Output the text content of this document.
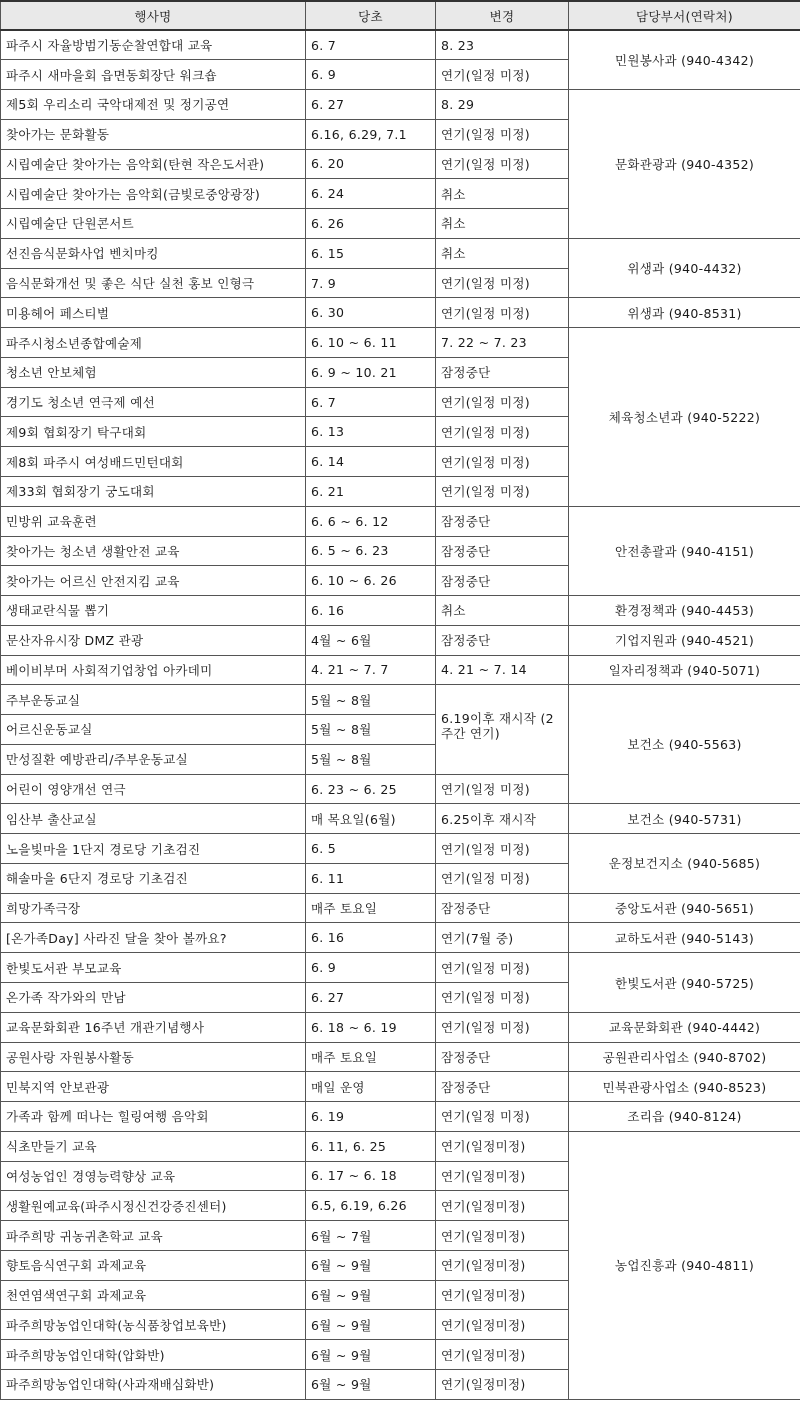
행사명	당초	변경	담당부서(연락처)
파주시 자율방범기동순찰연합대 교육	6. 7	8. 23	민원봉사과 (940-4342)
파주시 새마을회 읍면동회장단 워크숍	6. 9	연기(일정 미정)	
제5회 우리소리 국악대제전 및 정기공연	6. 27	8. 29	문화관광과 (940-4352)
찾아가는 문화활동	6.16, 6.29, 7.1	연기(일정 미정)	
시립예술단 찾아가는 음악회(탄현 작은도서관)	6. 20	연기(일정 미정)	
시립예술단 찾아가는 음악회(금빛로중앙광장)	6. 24	취소	
시립예술단 단원콘서트	6. 26	취소	
선진음식문화사업 벤치마킹	6. 15	취소	위생과 (940-4432)
음식문화개선 및 좋은 식단 실천 홍보 인형극	7. 9	연기(일정 미정)	
미용헤어 페스티벌	6. 30	연기(일정 미정)	위생과 (940-8531)
파주시청소년종합예술제	6. 10 ~ 6. 11	7. 22 ~ 7. 23	체육청소년과 (940-5222)
청소년 안보체험	6. 9 ~ 10. 21	잠정중단	
경기도 청소년 연극제 예선	6. 7	연기(일정 미정)	
제9회 협회장기 탁구대회	6. 13	연기(일정 미정)	
제8회 파주시 여성배드민턴대회	6. 14	연기(일정 미정)	
제33회 협회장기 궁도대회	6. 21	연기(일정 미정)	
민방위 교육훈련	6. 6 ~ 6. 12	잠정중단	안전총괄과 (940-4151)
찾아가는 청소년 생활안전 교육	6. 5 ~ 6. 23	잠정중단	
찾아가는 어르신 안전지킴 교육	6. 10 ~ 6. 26	잠정중단	
생태교란식물 뽑기	6. 16	취소	환경정책과 (940-4453)
문산자유시장 DMZ 관광	4월 ~ 6월	잠정중단	기업지원과 (940-4521)
베이비부머 사회적기업창업 아카데미	4. 21 ~ 7. 7	4. 21 ~ 7. 14	일자리정책과 (940-5071)
주부운동교실	5월 ~ 8월	6.19이후 재시작 (2주간 연기)	보건소 (940-5563)
어르신운동교실	5월 ~ 8월		
만성질환 예방관리/주부운동교실	5월 ~ 8월		
어린이 영양개선 연극	6. 23 ~ 6. 25	연기(일정 미정)	
임산부 출산교실	매 목요일(6월)	6.25이후 재시작	보건소 (940-5731)
노을빛마을 1단지 경로당 기초검진	6. 5	연기(일정 미정)	운정보건지소 (940-5685)
해솔마을 6단지 경로당 기초검진	6. 11	연기(일정 미정)	
희망가족극장	매주 토요일	잠정중단	중앙도서관 (940-5651)
[온가족Day] 사라진 달을 찾아 볼까요?	6. 16	연기(7월 중)	교하도서관 (940-5143)
한빛도서관 부모교육	6. 9	연기(일정 미정)	한빛도서관 (940-5725)
온가족 작가와의 만남	6. 27	연기(일정 미정)	
교육문화회관 16주년 개관기념행사	6. 18 ~ 6. 19	연기(일정 미정)	교육문화회관 (940-4442)
공원사랑 자원봉사활동	매주 토요일	잠정중단	공원관리사업소 (940-8702)
민북지역 안보관광	매일 운영	잠정중단	민북관광사업소 (940-8523)
가족과 함께 떠나는 힐링여행 음악회	6. 19	연기(일정 미정)	조리읍 (940-8124)
식초만들기 교육	6. 11, 6. 25	연기(일정미정)	농업진흥과 (940-4811)
여성농업인 경영능력향상 교육	6. 17 ~ 6. 18	연기(일정미정)	
생활원예교육(파주시정신건강증진센터)	6.5, 6.19, 6.26	연기(일정미정)	
파주희망 귀농귀촌학교 교육	6월 ~ 7월	연기(일정미정)	
향토음식연구회 과제교육	6월 ~ 9월	연기(일정미정)	
천연염색연구회 과제교육	6월 ~ 9월	연기(일정미정)	
파주희망농업인대학(농식품창업보육반)	6월 ~ 9월	연기(일정미정)	
파주희망농업인대학(압화반)	6월 ~ 9월	연기(일정미정)	
파주희망농업인대학(사과재배심화반)	6월 ~ 9월	연기(일정미정)	
